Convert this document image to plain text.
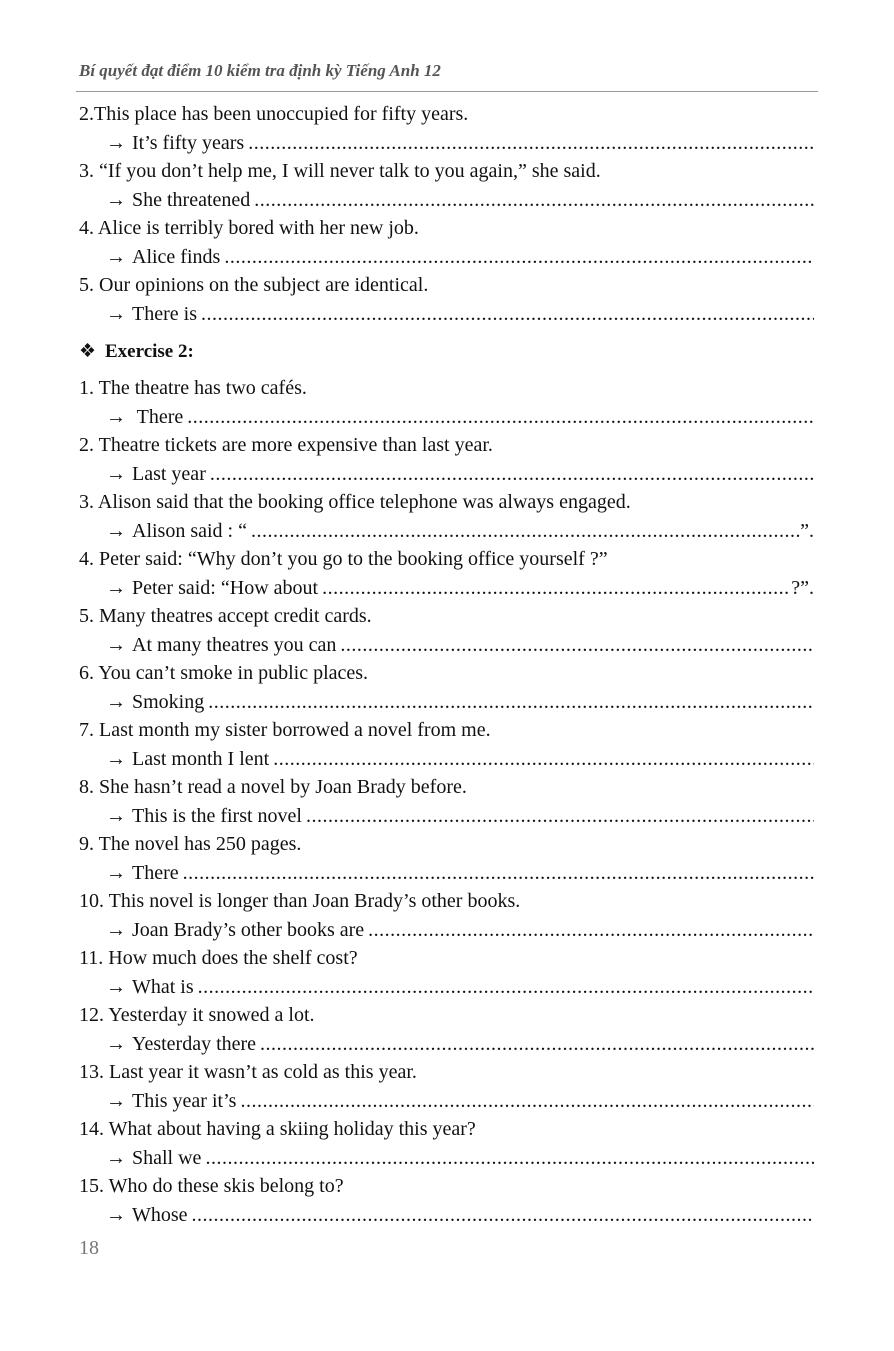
Bí quyết đạt điểm 10 kiểm tra định kỳ Tiếng Anh 12
2.This place has been unoccupied for fifty years.
→ It’s fifty years
.....
3. “If you don’t help me, I will never talk to you again,” she said.
→ She threatened
.....
4. Alice is terribly bored with her new job.
→ Alice finds
.....
5. Our opinions on the subject are identical.
→ There is
.....
❖ Exercise 2:
1. The theatre has two cafés.
→ There
.....
2. Theatre tickets are more expensive than last year.
→ Last year
.....
3. Alison said that the booking office telephone was always engaged.
→ Alison said : “ .....	”.
4. Peter said: “Why don’t you go to the booking office yourself ?”
→ Peter said: “How about .....	?”.
5. Many theatres accept credit cards.
→ At many theatres you can
.....
6. You can’t smoke in public places.
→ Smoking
.....
7. Last month my sister borrowed a novel from me.
→ Last month I lent
.....
8. She hasn’t read a novel by Joan Brady before.
→ This is the first novel
.....
9. The novel has 250 pages.
→ There
.....
10. This novel is longer than Joan Brady’s other books.
→ Joan Brady’s other books are
.....
11. How much does the shelf cost?
→ What is
.....
12. Yesterday it snowed a lot.
→ Yesterday there
.....
13. Last year it wasn’t as cold as this year.
→ This year it’s
.....
14. What about having a skiing holiday this year?
→ Shall we
.....
15. Who do these skis belong to?
→ Whose
.....
18
